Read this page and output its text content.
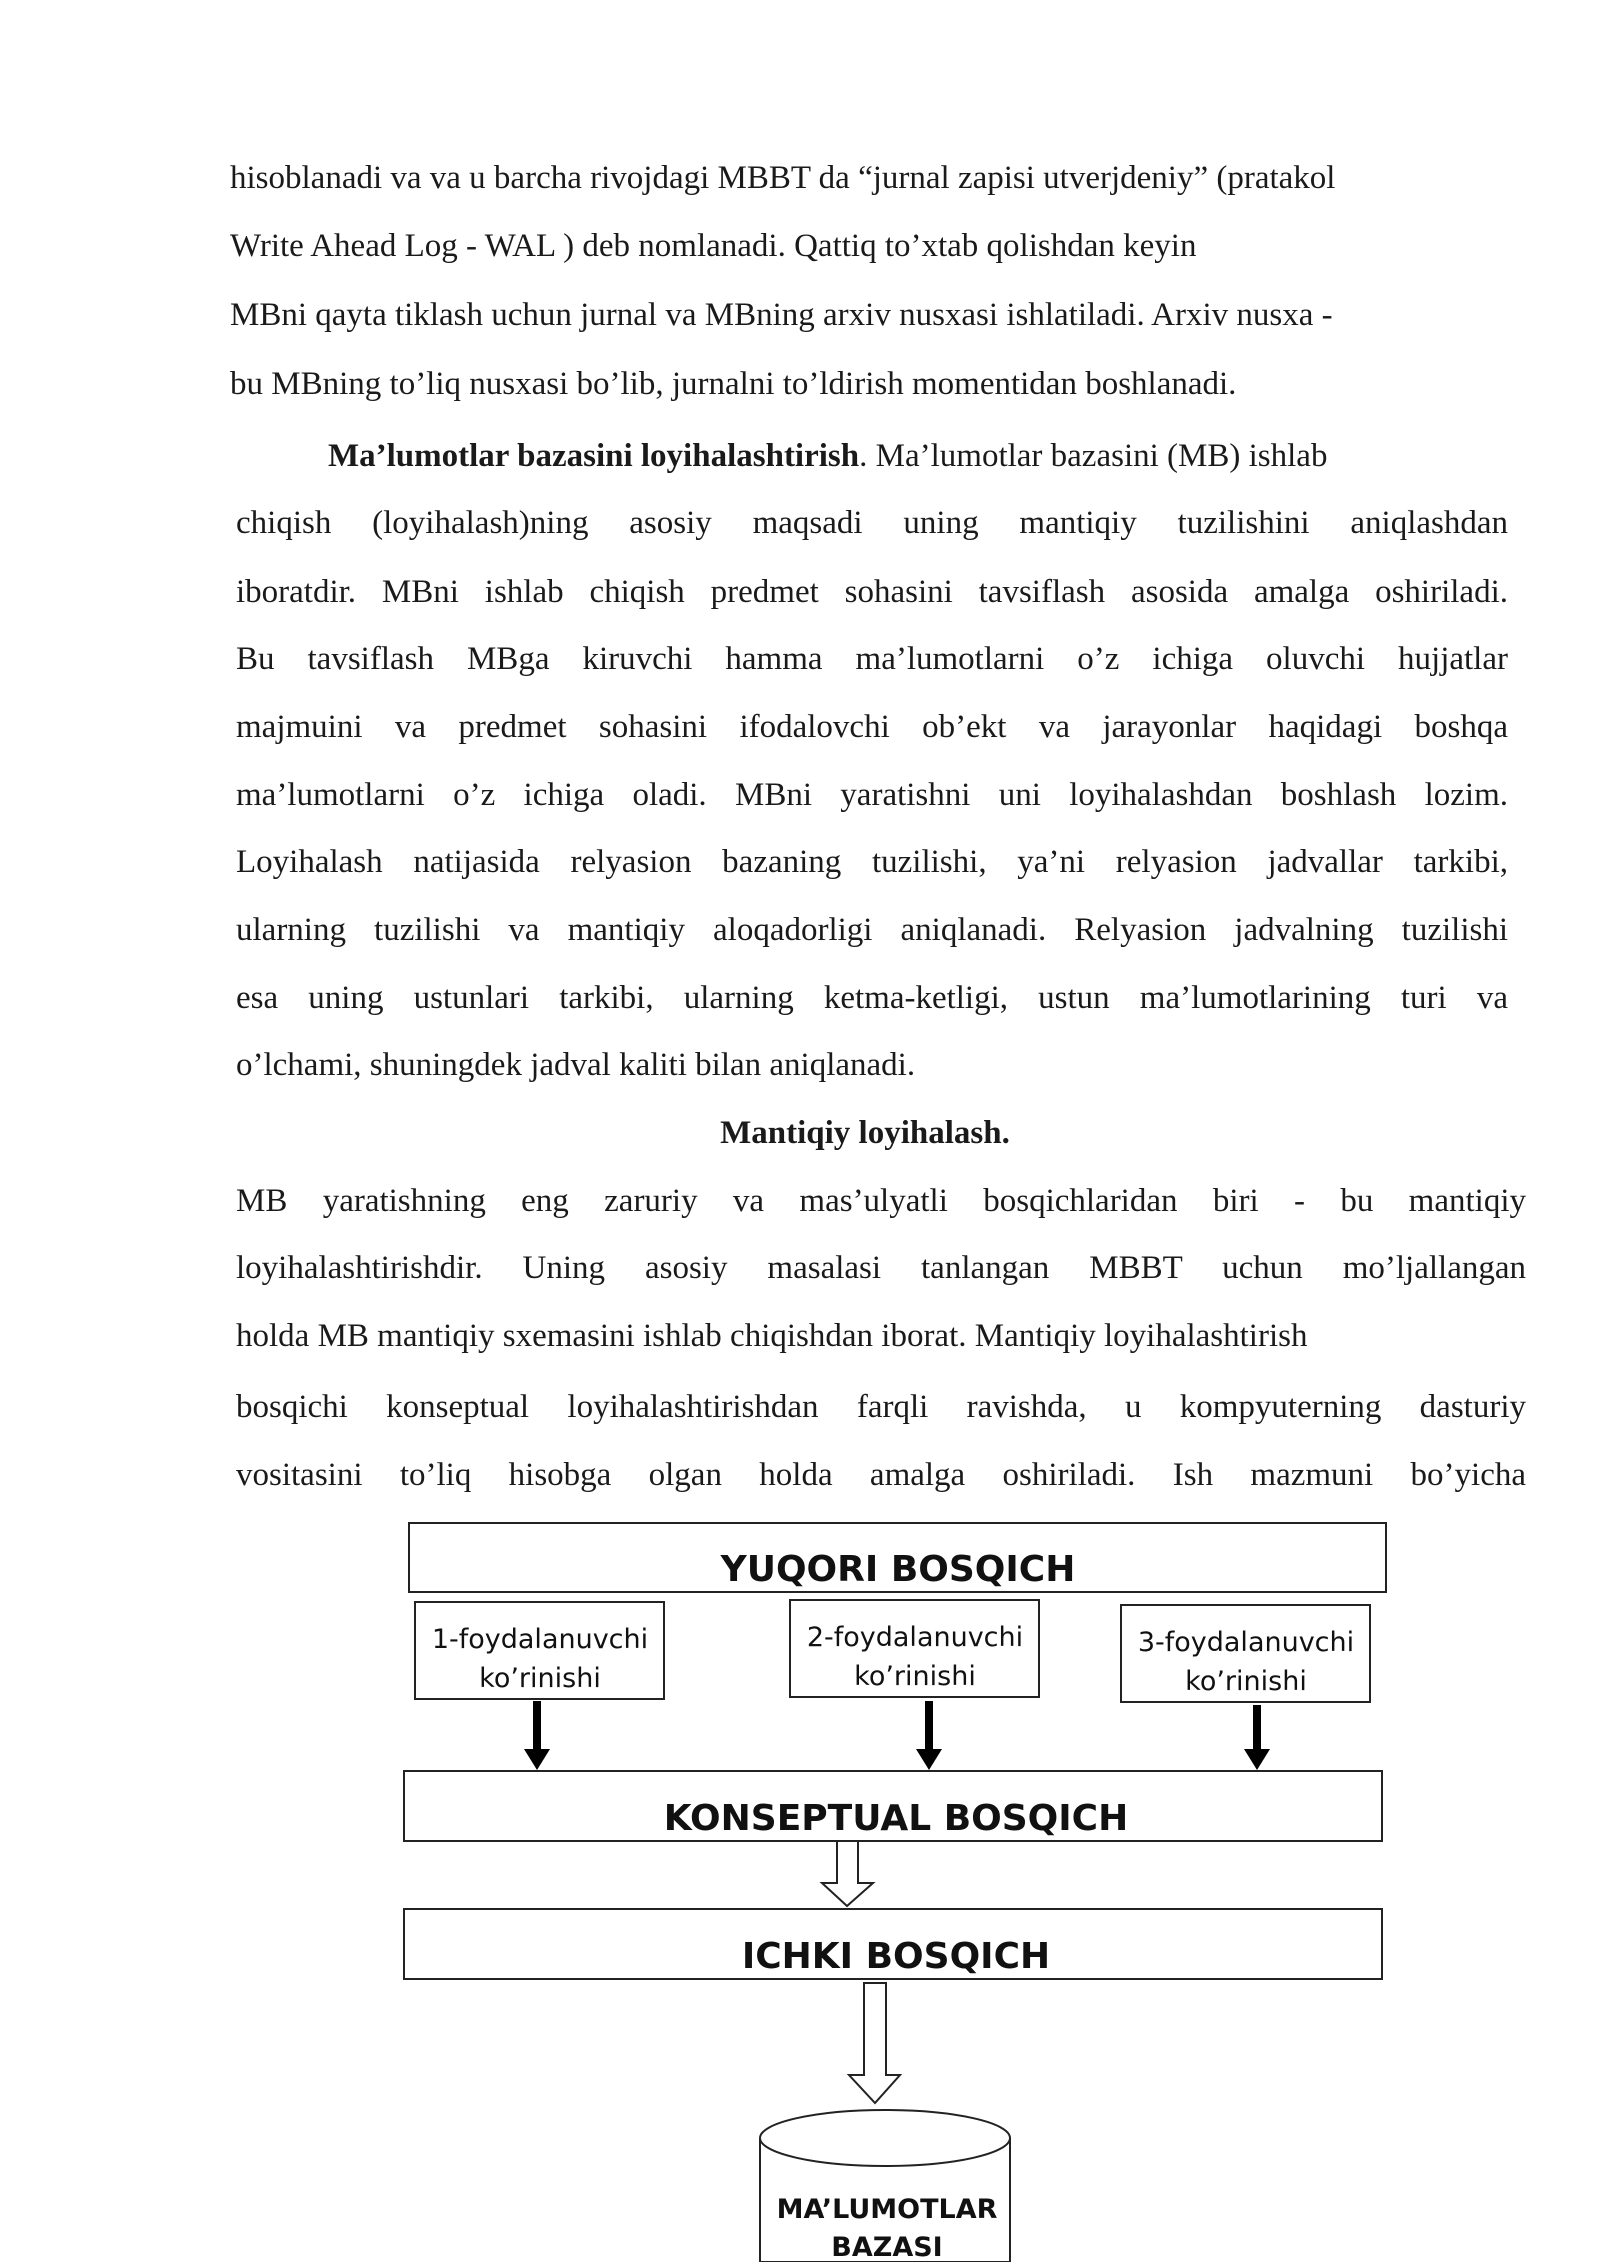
hisoblanadi va va u barcha rivojdagi MBBT da “jurnal zapisi utverjdeniy” (pratakol

Write Ahead Log - WAL ) deb nomlanadi. Qattiq to’xtab qolishdan keyin

MBni qayta tiklash uchun jurnal va MBning arxiv nusxasi ishlatiladi. Arxiv nusxa -

bu MBning to’liq nusxasi bo’lib, jurnalni to’ldirish momentidan boshlanadi.

Ma’lumotlar bazasini loyihalashtirish. Ma’lumotlar bazasini (MB) ishlab

chiqish (loyihalash)ning asosiy maqsadi uning mantiqiy tuzilishini aniqlashdan

iboratdir. MBni ishlab chiqish predmet sohasini tavsiflash asosida amalga oshiriladi.

Bu tavsiflash MBga kiruvchi hamma ma’lumotlarni o’z ichiga oluvchi hujjatlar

majmuini va predmet sohasini ifodalovchi ob’ekt va jarayonlar haqidagi boshqa

ma’lumotlarni o’z ichiga oladi. MBni yaratishni uni loyihalashdan boshlash lozim.

Loyihalash natijasida relyasion bazaning tuzilishi, ya’ni relyasion jadvallar tarkibi,

ularning tuzilishi va mantiqiy aloqadorligi aniqlanadi. Relyasion jadvalning tuzilishi

esa uning ustunlari tarkibi, ularning ketma-ketligi, ustun ma’lumotlarining turi va

o’lchami, shuningdek jadval kaliti bilan aniqlanadi.

Mantiqiy loyihalash.

MB yaratishning eng zaruriy va mas’ulyatli bosqichlaridan biri - bu mantiqiy

loyihalashtirishdir. Uning asosiy masalasi tanlangan MBBT uchun mo’ljallangan

holda MB mantiqiy sxemasini ishlab chiqishdan iborat. Mantiqiy loyihalashtirish

bosqichi konseptual loyihalashtirishdan farqli ravishda, u kompyuterning dasturiy

vositasini to’liq hisobga olgan holda amalga oshiriladi. Ish mazmuni bo’yicha

YUQORI BOSQICH
1-foydalanuvchi
ko’rinishi
2-foydalanuvchi
ko’rinishi
3-foydalanuvchi
ko’rinishi
KONSEPTUAL BOSQICH
ICHKI BOSQICH
MA’LUMOTLAR
BAZASI
